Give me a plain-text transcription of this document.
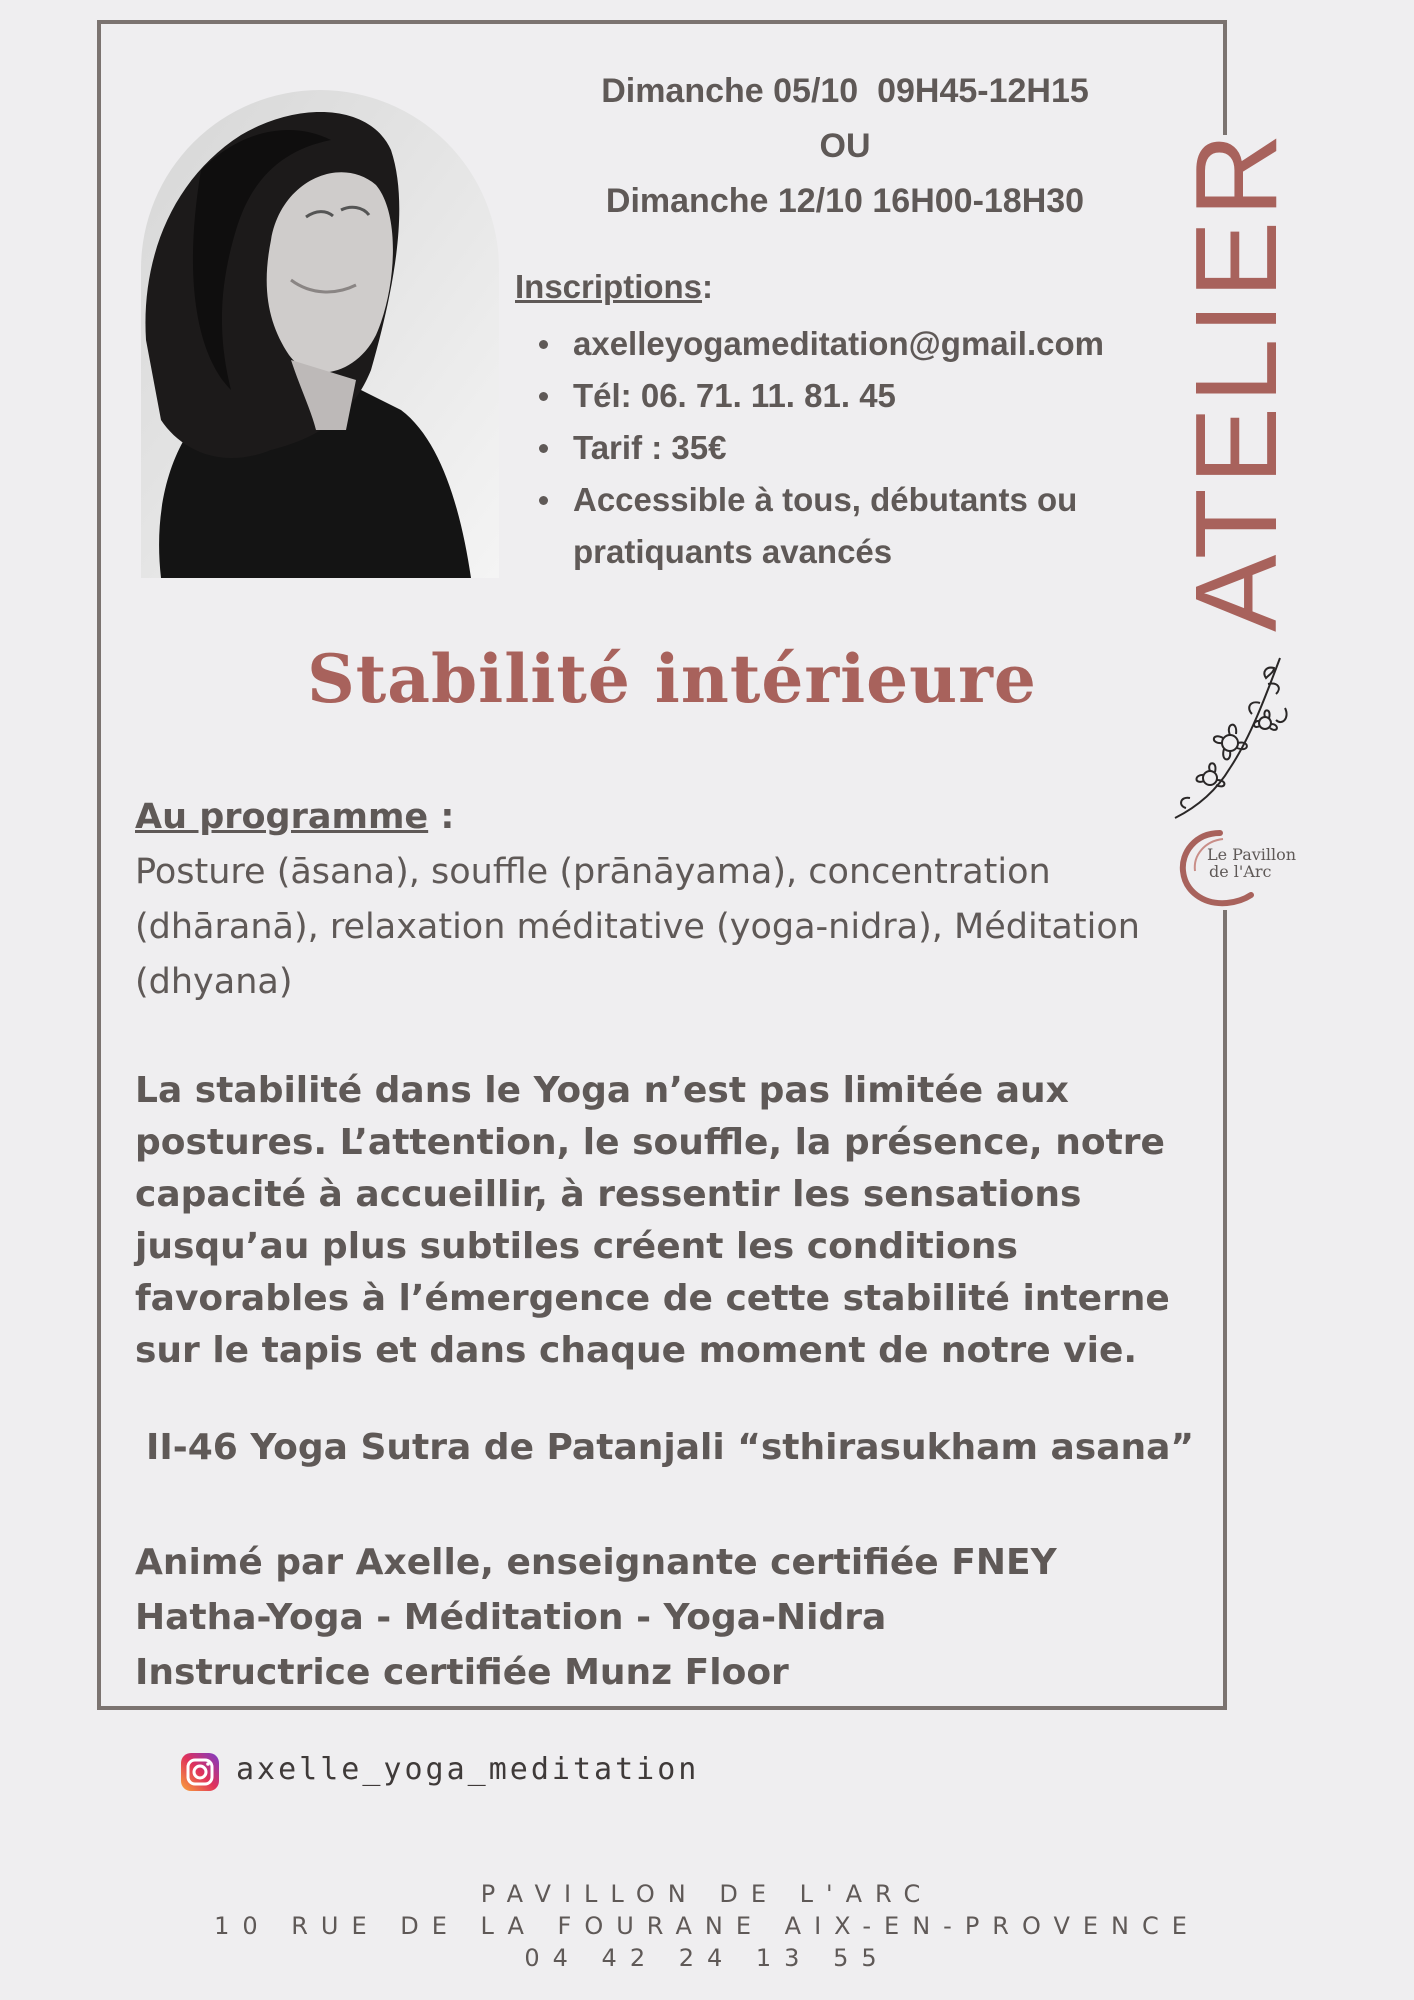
Dimanche 05/10  09H45-12H15
OU
Dimanche 12/10 16H00-18H30
Inscriptions:
axelleyogameditation@gmail.com
Tél: 06. 71. 11. 81. 45
Tarif : 35€
Accessible à tous, débutants ou pratiquants avancés
Stabilité intérieure
ATELIER
Le Pavillon
de l'Arc
Au programme :
Posture (āsana), souffle (prānāyama), concentration (dhāranā), relaxation méditative (yoga-nidra), Méditation (dhyana)
La stabilité dans le Yoga n’est pas limitée aux postures. L’attention, le souffle, la présence, notre capacité à accueillir, à ressentir les sensations jusqu’au plus subtiles créent les conditions favorables à l’émergence de cette stabilité interne sur le tapis et dans chaque moment de notre vie.
II-46 Yoga Sutra de Patanjali “sthirasukham asana”
Animé par Axelle, enseignante certifiée FNEY
Hatha-Yoga - Méditation - Yoga-Nidra
Instructrice certifiée Munz Floor
axelle_yoga_meditation
PAVILLON DE L'ARC
10 RUE DE LA FOURANE AIX-EN-PROVENCE
04 42 24 13 55
